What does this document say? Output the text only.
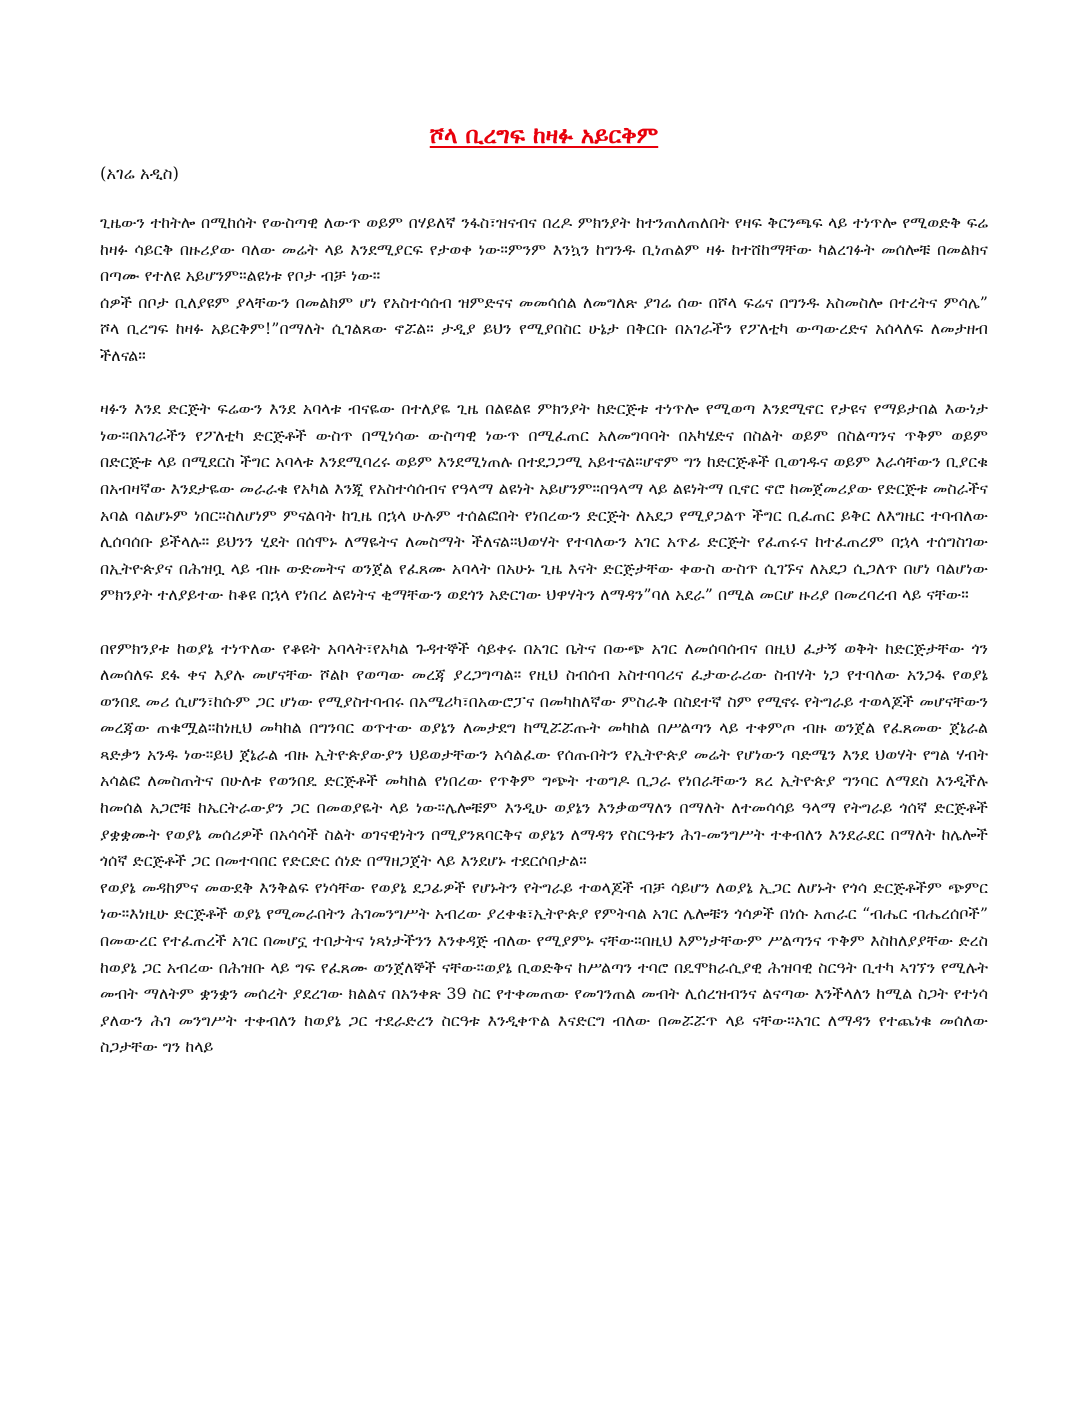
ሾላ ቢረግፍ ከዛፉ አይርቅም

(አገሬ አዲስ)

ጊዜውን ተከትሎ በሚከሰት የውስጣዊ ለውጥ ወይም በሃይለኛ ንፋስ፣ዝናብና በረዶ ምክንያት ከተንጠለጠለበት የዛፍ ቅርንጫፍ ላይ ተነጥሎ የሚወድቅ ፍሬ ከዛፉ ሳይርቅ በዙሪያው ባለው መሬት ላይ እንደሚያርፍ የታወቀ ነው።ምንም እንኳን ከግንዱ ቢነጠልም ዛፉ ከተሸከማቸው ካልረገፉት መሰሎቹ በመልክና በጣሙ የተለዩ አይሆንም።ልዩነቱ የቦታ ብቻ ነው።

ሰዎች በቦታ ቢለያዩም ያላቸውን በመልክም ሆነ የአስተሳሰብ ዝምድናና መመሳሰል ለመግለጽ ያገሬ ሰው በሾላ ፍሬና በግንዱ አስመስሎ በተረትና ምሳሌ” ሾላ ቢረግፍ ከዛፉ አይርቅም!”በማለት ሲገልጸው ኖሯል። ታዲያ ይህን የሚያበስር ሁኔታ በቅርቡ በአገራችን የፖለቲካ ውጣውረድና አሰላለፍ ለመታዘብ ችለናል።

ዛፉን እንደ ድርጅት ፍሬውን እንደ አባላቱ ብናዬው በተለያዬ ጊዜ በልዩልዩ ምክንያት ከድርጅቱ ተነጥሎ የሚወጣ እንደሚኖር የታዩና የማይታበል እውነታ ነው።በአገራችን የፖለቲካ ድርጅቶች ውስጥ በሚነሳው ውስጣዊ ነውጥ በሚፈጠር አለመግባባት በአካሄድና በስልት ወይም በስልጣንና ጥቅም ወይም በድርጅቱ ላይ በሚደርስ ችግር አባላቱ እንደሚባረሩ ወይም እንደሚነጠሉ በተደጋጋሚ አይተናል።ሆኖም ግን ከድርጅቶች ቢወገዱና ወይም እራሳቸውን ቢያርቁ በአብዛኛው እንደታዬው መራራቁ የአካል እንጂ የአስተሳሰብና የዓላማ ልዩነት አይሆንም።በዓላማ ላይ ልዩነትማ ቢኖር ኖሮ ከመጀመሪያው የድርጅቱ መስራችና አባል ባልሆኑም ነበር።ስለሆነም ምናልባት ከጊዜ በኋላ ሁሉም ተሰልፎበት የነበረውን ድርጅት ለአደጋ የሚያጋልጥ ችግር ቢፈጠር ይቅር ለእግዜር ተባብለው ሊሰባሰቡ ይችላሉ። ይህንን ሂደት በሰሞኑ ለማዬትና ለመስማት ችለናል።ህወሃት የተባለውን አገር አጥፊ ድርጅት የፈጠሩና ከተፈጠረም በኋላ ተሰግስገው በኢትዮጵያና በሕዝቧ ላይ ብዙ ውድመትና ወንጀል የፈጸሙ አባላት በአሁኑ ጊዜ እናት ድርጅታቸው ቀውስ ውስጥ ሲገኙና ለአደጋ ሲጋለጥ በሆነ ባልሆነው ምክንያት ተለያይተው ከቆዩ በኋላ የነበረ ልዩነትና ቂማቸውን ወደጎን አድርገው ህዋሃትን ለማዳን”ባለ አደራ” በሚል መርሆ ዙሪያ በመረባረብ ላይ ናቸው።

በየምክንያቱ ከወያኔ ተነጥለው የቆዩት አባላት፣የአካል ጉዳተኞች ሳይቀሩ በአገር ቤትና በውጭ አገር ለመሰባሰብና በዚህ ፈታኝ ወቅት ከድርጅታቸው ጎን ለመሰለፍ ደፋ ቀና እያሉ መሆናቸው ሾልኮ የወጣው መረጃ ያረጋግጣል። የዚህ ስብሰብ አስተባባሪና ፈታውራሪው ስብሃት ነጋ የተባለው አንጋፋ የወያኔ ወንበዴ መሪ ሲሆን፣ከሱም ጋር ሆነው የሚያስተባብሩ በአሜሪካ፣በአውሮፓና በመካከለኛው ምስራቅ በስደተኛ ስም የሚኖሩ የትግራይ ተወላጆች መሆናቸውን መረጃው ጠቁሟል።ከነዚህ መካከል በግንባር ወጥተው ወያኔን ለመታደግ ከሚሯሯጡት መካከል በሥልጣን ላይ ተቀምጦ ብዙ ወንጀል የፈጸመው ጀኔራል ጻድቃን አንዱ ነው።ይህ ጀኔራል ብዙ ኢትዮጵያውያን ህይወታቸውን አሳልፈው የሰጡበትን የኢትዮጵያ መሬት የሆነውን ባድሜን እንደ ህወሃት የግል ሃብት አሳልፎ ለመስጠትና በሁለቱ የወንበዴ ድርጅቶች መካከል የነበረው የጥቅም ግጭት ተወግዶ ቢጋራ የነበራቸውን ጸረ ኢትዮጵያ ግንባር ለማደስ እንዲችሉ ከመሰል አጋሮቹ ከኤርትራውያን ጋር በመወያዬት ላይ ነው።ሌሎቹም እንዲሁ ወያኔን እንቃወማለን በማለት ለተመሳሳይ ዓላማ የትግራይ ጎሰኛ ድርጅቶች ያቋቋሙት የወያኔ መሰሪዎች በአሳሳች ስልት ወገናዊነትን በሚያንጸባርቅና ወያኔን ለማዳን የስርዓቱን ሕገ-መንግሥት ተቀብለን እንደራደር በማለት ከሌሎች ጎሰኛ ድርጅቶች ጋር በመተባበር የድርድር ሰነድ በማዘጋጀት ላይ እንደሆኑ ተደርሶበታል።

የወያኔ መዳከምና መውደቅ እንቅልፍ የነሳቸው የወያኔ ደጋፊዎች የሆኑትን የትግራይ ተወላጆች ብቻ ሳይሆን ለወያኔ ኢጋር ለሆኑት የጎሳ ድርጅቶችም ጭምር ነው።እነዚሁ ድርጅቶች ወያኔ የሚመራበትን ሕገመንግሥት አብረው ያረቀቁ፣ኢትዮጵያ የምትባል አገር ሌሎቹን ጎሳዎች በነሱ አጠራር “ብሔር ብሔረሰቦች” በመውረር የተፈጠረች አገር በመሆኗ ተበታትና ነጻነታችንን እንቀዳጅ ብለው የሚያምኑ ናቸው።በዚህ እምነታቸውም ሥልጣንና ጥቅም እስከለያያቸው ድረስ ከወያኔ ጋር አብረው በሕዝቡ ላይ ግፍ የፈጸሙ ወንጀለኞች ናቸው።ወያኔ ቢወድቅና ከሥልጣን ተባሮ በዴሞክራሲያዊ ሕዝባዊ ስርዓት ቢተካ ኣገኘን የሚሉት መብት ማለትም ቋንቋን መሰረት ያደረገው ክልልና በአንቀጽ 39 ስር የተቀመጠው የመገንጠል መብት ሊሰረዝብንና ልናጣው እንችላለን ከሚል ስጋት የተነሳ ያለውን ሕገ መንግሥት ተቀብለን ከወያኔ ጋር ተደራድረን ስርዓቱ እንዲቀጥል እናድርግ ብለው በመሯሯጥ ላይ ናቸው።አገር ለማዳን የተጨነቁ መሰለው ስጋታቸው ግን ከላይ
